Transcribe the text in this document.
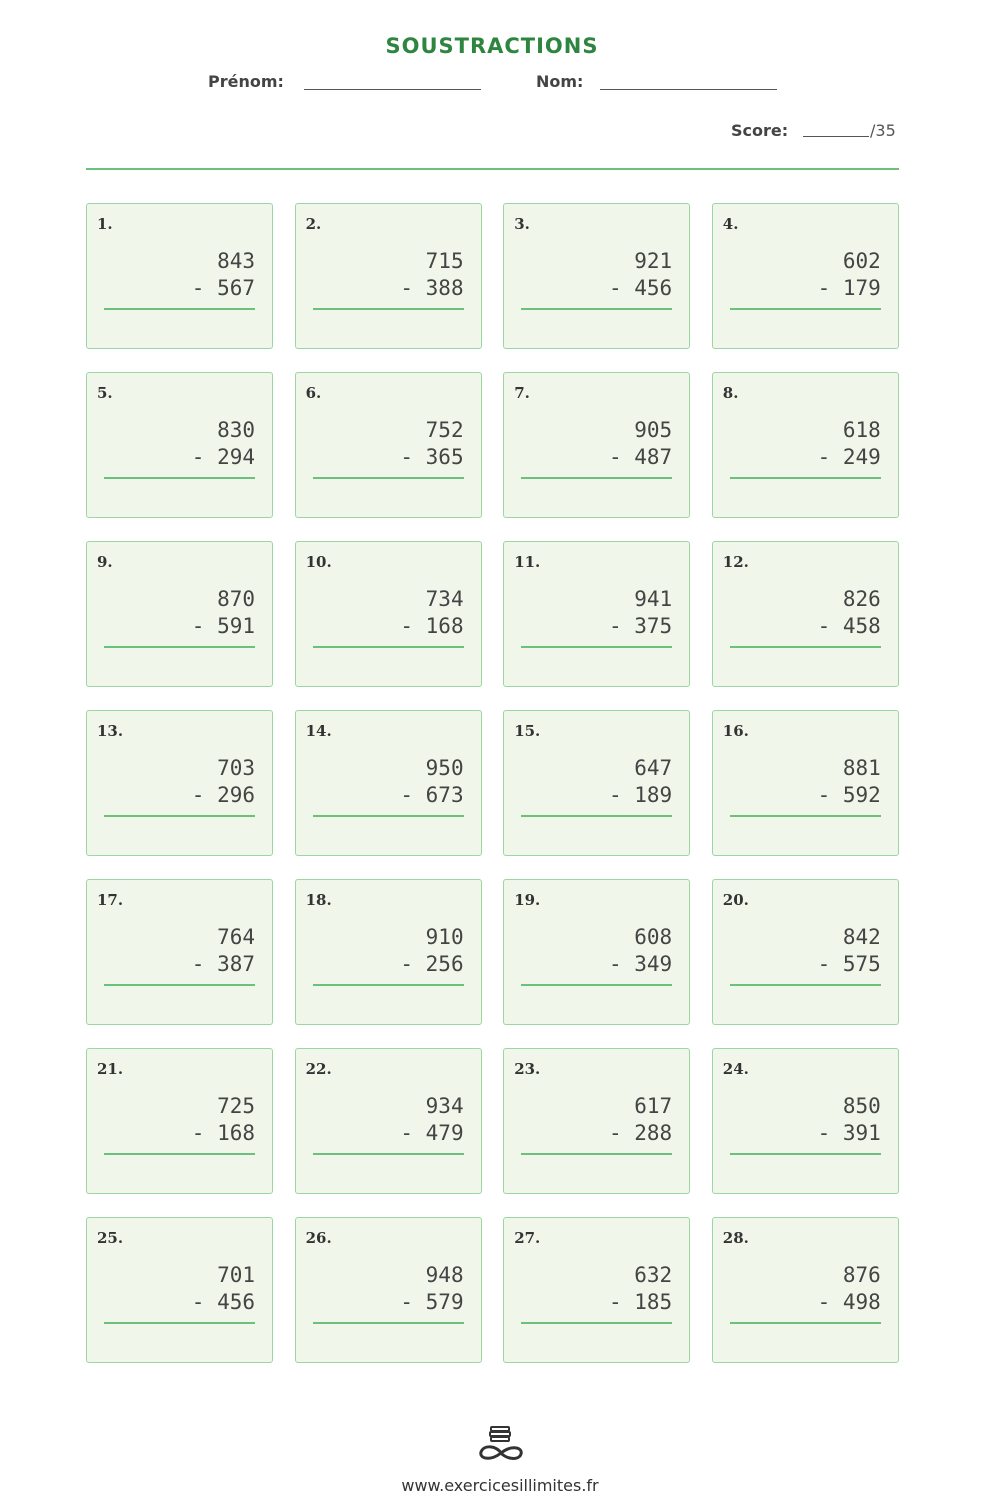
SOUSTRACTIONS
Prénom:	Nom:
Score:	/35
1.
843
- 567
2.
715
- 388
3.
921
- 456
4.
602
- 179
5.
830
- 294
6.
752
- 365
7.
905
- 487
8.
618
- 249
9.
870
- 591
10.
734
- 168
11.
941
- 375
12.
826
- 458
13.
703
- 296
14.
950
- 673
15.
647
- 189
16.
881
- 592
17.
764
- 387
18.
910
- 256
19.
608
- 349
20.
842
- 575
21.
725
- 168
22.
934
- 479
23.
617
- 288
24.
850
- 391
25.
701
- 456
26.
948
- 579
27.
632
- 185
28.
876
- 498
www.exercicesillimites.fr
